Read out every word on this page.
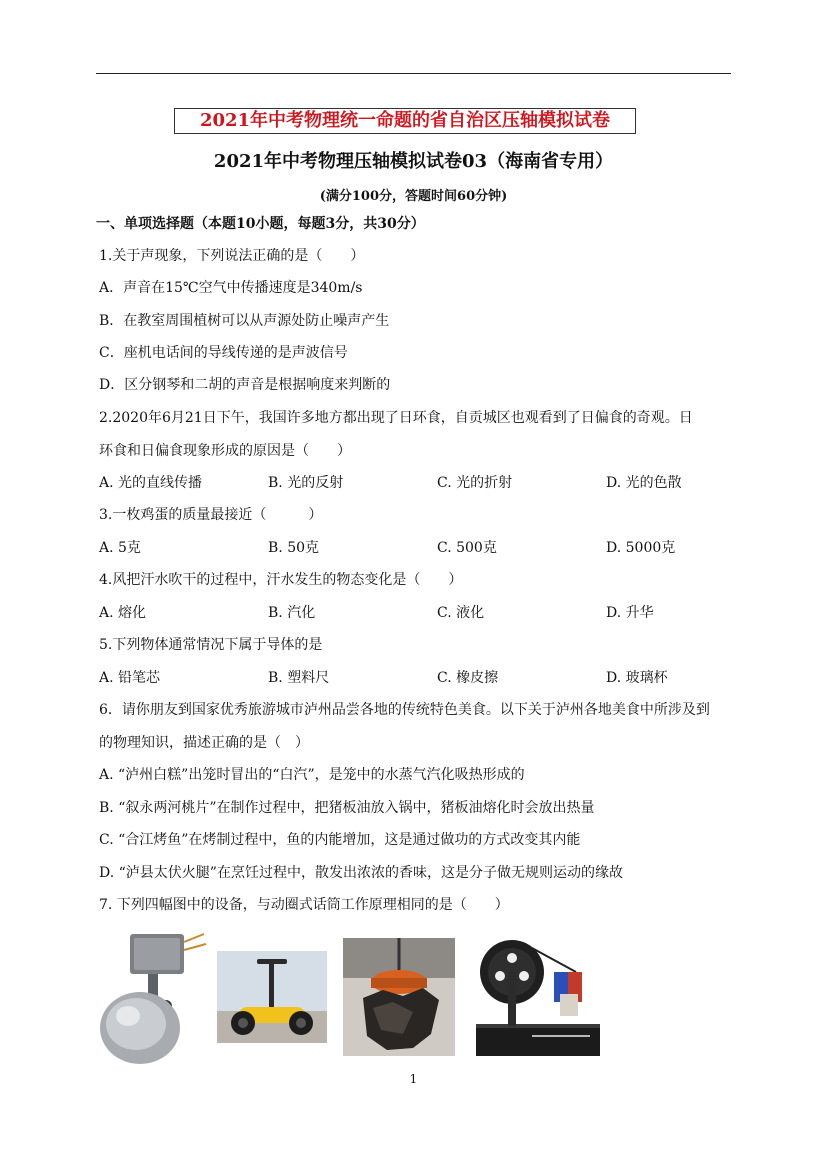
2021年中考物理统一命题的省自治区压轴模拟试卷
2021年中考物理压轴模拟试卷03（海南省专用）
(满分100分，答题时间60分钟)
一、单项选择题（本题10小题，每题3分，共30分）
1.关于声现象，下列说法正确的是（　　）
A．声音在15℃空气中传播速度是340m/s
B．在教室周围植树可以从声源处防止噪声产生
C．座机电话间的导线传递的是声波信号
D．区分钢琴和二胡的声音是根据响度来判断的
2.2020年6月21日下午，我国许多地方都出现了日环食，自贡城区也观看到了日偏食的奇观。日
环食和日偏食现象形成的原因是（　　）
A. 光的直线传播	B. 光的反射	C. 光的折射	D. 光的色散
3.一枚鸡蛋的质量最接近（　　　）
A. 5克	B. 50克	C. 500克	D. 5000克
4.风把汗水吹干的过程中，汗水发生的物态变化是（　　）
A. 熔化	B. 汽化	C. 液化	D. 升华
5.下列物体通常情况下属于导体的是
A. 铅笔芯	B. 塑料尺	C. 橡皮擦	D. 玻璃杯
6．请你朋友到国家优秀旅游城市泸州品尝各地的传统特色美食。以下关于泸州各地美食中所涉及到
的物理知识，描述正确的是（　）
A. “泸州白糕”出笼时冒出的“白汽”，是笼中的水蒸气汽化吸热形成的
B. “叙永两河桃片”在制作过程中，把猪板油放入锅中，猪板油熔化时会放出热量
C. “合江烤鱼”在烤制过程中，鱼的内能增加，这是通过做功的方式改变其内能
D. “泸县太伏火腿”在烹饪过程中，散发出浓浓的香味，这是分子做无规则运动的缘故
7. 下列四幅图中的设备，与动圈式话筒工作原理相同的是（　　）
1
